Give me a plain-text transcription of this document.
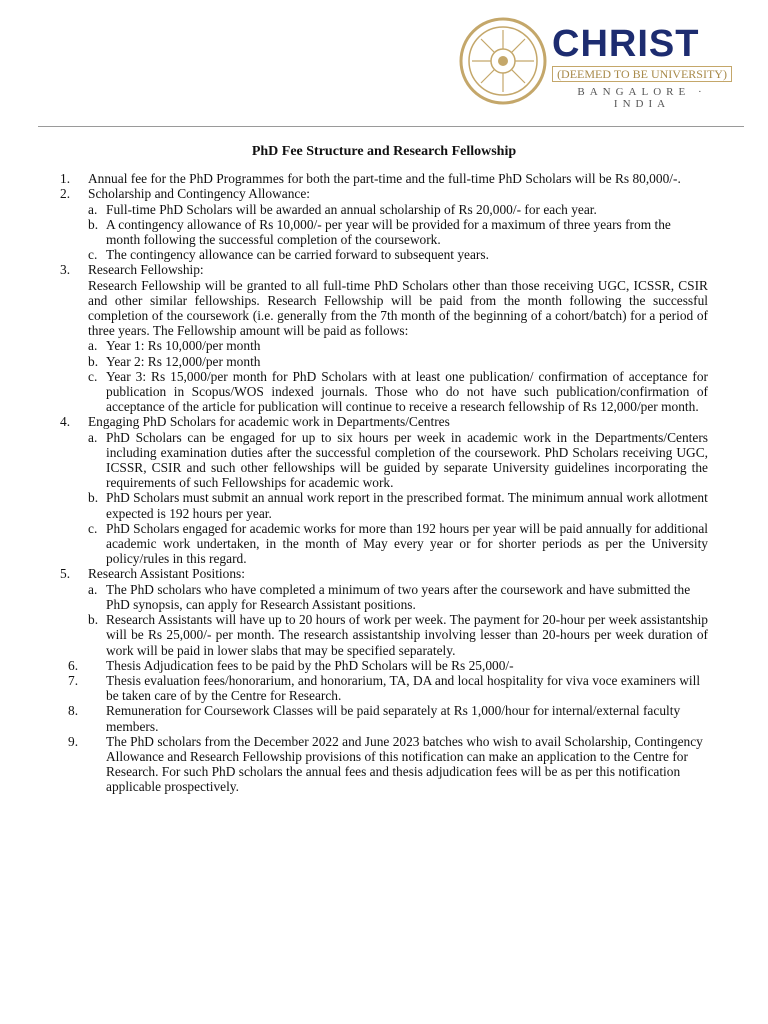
CHRIST
(DEEMED TO BE UNIVERSITY)
BANGALORE · INDIA
PhD Fee Structure and Research Fellowship
1. Annual fee for the PhD Programmes for both the part-time and the full-time PhD Scholars will be Rs 80,000/-.
2. Scholarship and Contingency Allowance:
a. Full-time PhD Scholars will be awarded an annual scholarship of Rs 20,000/- for each year.
b. A contingency allowance of Rs 10,000/- per year will be provided for a maximum of three years from the month following the successful completion of the coursework.
c. The contingency allowance can be carried forward to subsequent years.
3. Research Fellowship:
Research Fellowship will be granted to all full-time PhD Scholars other than those receiving UGC, ICSSR, CSIR and other similar fellowships. Research Fellowship will be paid from the month following the successful completion of the coursework (i.e. generally from the 7th month of the beginning of a cohort/batch) for a period of three years. The Fellowship amount will be paid as follows:
a. Year 1: Rs 10,000/per month
b. Year 2: Rs 12,000/per month
c. Year 3: Rs 15,000/per month for PhD Scholars with at least one publication/ confirmation of acceptance for publication in Scopus/WOS indexed journals. Those who do not have such publication/confirmation of acceptance of the article for publication will continue to receive a research fellowship of Rs 12,000/per month.
4. Engaging PhD Scholars for academic work in Departments/Centres
a. PhD Scholars can be engaged for up to six hours per week in academic work in the Departments/Centers including examination duties after the successful completion of the coursework. PhD Scholars receiving UGC, ICSSR, CSIR and such other fellowships will be guided by separate University guidelines incorporating the requirements of such Fellowships for academic work.
b. PhD Scholars must submit an annual work report in the prescribed format. The minimum annual work allotment expected is 192 hours per year.
c. PhD Scholars engaged for academic works for more than 192 hours per year will be paid annually for additional academic work undertaken, in the month of May every year or for shorter periods as per the University policy/rules in this regard.
5. Research Assistant Positions:
a. The PhD scholars who have completed a minimum of two years after the coursework and have submitted the PhD synopsis, can apply for Research Assistant positions.
b. Research Assistants will have up to 20 hours of work per week. The payment for 20-hour per week assistantship will be Rs 25,000/- per month. The research assistantship involving lesser than 20-hours per week duration of work will be paid in lower slabs that may be specified separately.
6. Thesis Adjudication fees to be paid by the PhD Scholars will be Rs 25,000/-
7. Thesis evaluation fees/honorarium, and honorarium, TA, DA and local hospitality for viva voce examiners will be taken care of by the Centre for Research.
8. Remuneration for Coursework Classes will be paid separately at Rs 1,000/hour for internal/external faculty members.
9. The PhD scholars from the December 2022 and June 2023 batches who wish to avail Scholarship, Contingency Allowance and Research Fellowship provisions of this notification can make an application to the Centre for Research. For such PhD scholars the annual fees and thesis adjudication fees will be as per this notification applicable prospectively.
